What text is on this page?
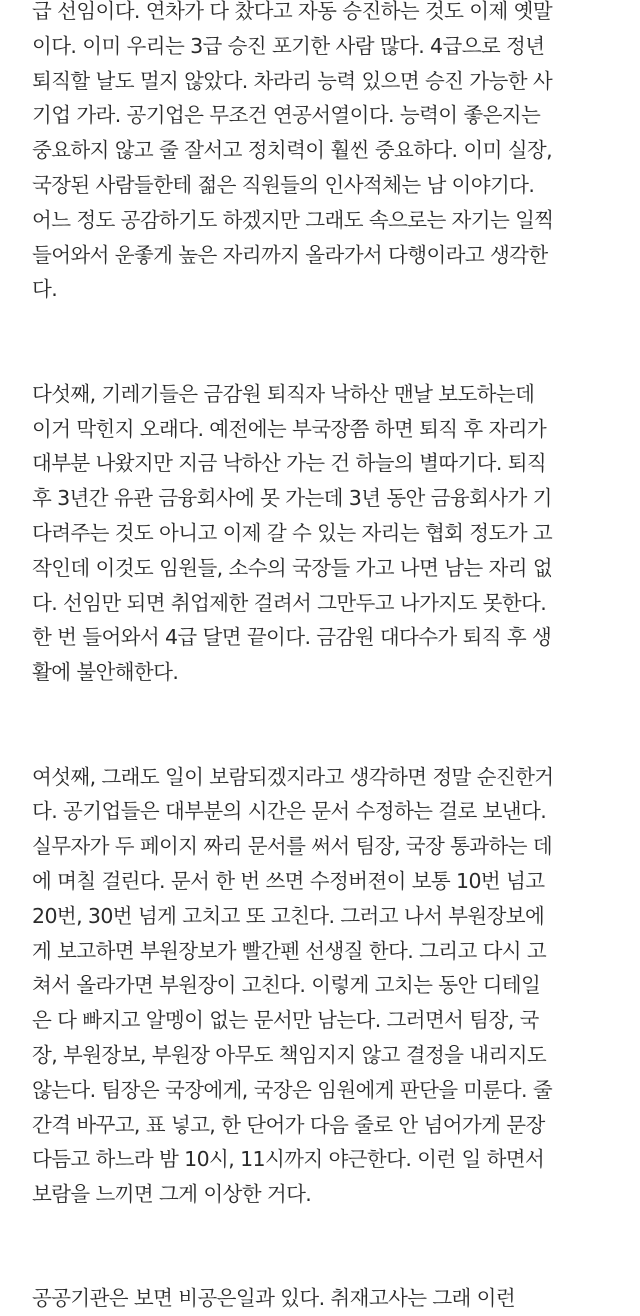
급 선임이다. 연차가 다 찼다고 자동 승진하는 것도 이제 옛말
이다. 이미 우리는 3급 승진 포기한 사람 많다. 4급으로 정년
퇴직할 날도 멀지 않았다. 차라리 능력 있으면 승진 가능한 사
기업 가라. 공기업은 무조건 연공서열이다. 능력이 좋은지는
중요하지 않고 줄 잘서고 정치력이 훨씬 중요하다. 이미 실장,
국장된 사람들한테 젊은 직원들의 인사적체는 남 이야기다.
어느 정도 공감하기도 하겠지만 그래도 속으로는 자기는 일찍
들어와서 운좋게 높은 자리까지 올라가서 다행이라고 생각한
다.
다섯째, 기레기들은 금감원 퇴직자 낙하산 맨날 보도하는데
이거 막힌지 오래다. 예전에는 부국장쯤 하면 퇴직 후 자리가
대부분 나왔지만 지금 낙하산 가는 건 하늘의 별따기다. 퇴직
후 3년간 유관 금융회사에 못 가는데 3년 동안 금융회사가 기
다려주는 것도 아니고 이제 갈 수 있는 자리는 협회 정도가 고
작인데 이것도 임원들, 소수의 국장들 가고 나면 남는 자리 없
다. 선임만 되면 취업제한 걸려서 그만두고 나가지도 못한다.
한 번 들어와서 4급 달면 끝이다. 금감원 대다수가 퇴직 후 생
활에 불안해한다.
여섯째, 그래도 일이 보람되겠지라고 생각하면 정말 순진한거
다. 공기업들은 대부분의 시간은 문서 수정하는 걸로 보낸다.
실무자가 두 페이지 짜리 문서를 써서 팀장, 국장 통과하는 데
에 며칠 걸린다. 문서 한 번 쓰면 수정버젼이 보통 10번 넘고
20번, 30번 넘게 고치고 또 고친다. 그러고 나서 부원장보에
게 보고하면 부원장보가 빨간펜 선생질 한다. 그리고 다시 고
쳐서 올라가면 부원장이 고친다. 이렇게 고치는 동안 디테일
은 다 빠지고 알멩이 없는 문서만 남는다. 그러면서 팀장, 국
장, 부원장보, 부원장 아무도 책임지지 않고 결정을 내리지도
않는다. 팀장은 국장에게, 국장은 임원에게 판단을 미룬다. 줄
간격 바꾸고, 표 넣고, 한 단어가 다음 줄로 안 넘어가게 문장
다듬고 하느라 밤 10시, 11시까지 야근한다. 이런 일 하면서
보람을 느끼면 그게 이상한 거다.
공공기관은 보면 비공은일과 있다. 취재고사는 그래 이런
